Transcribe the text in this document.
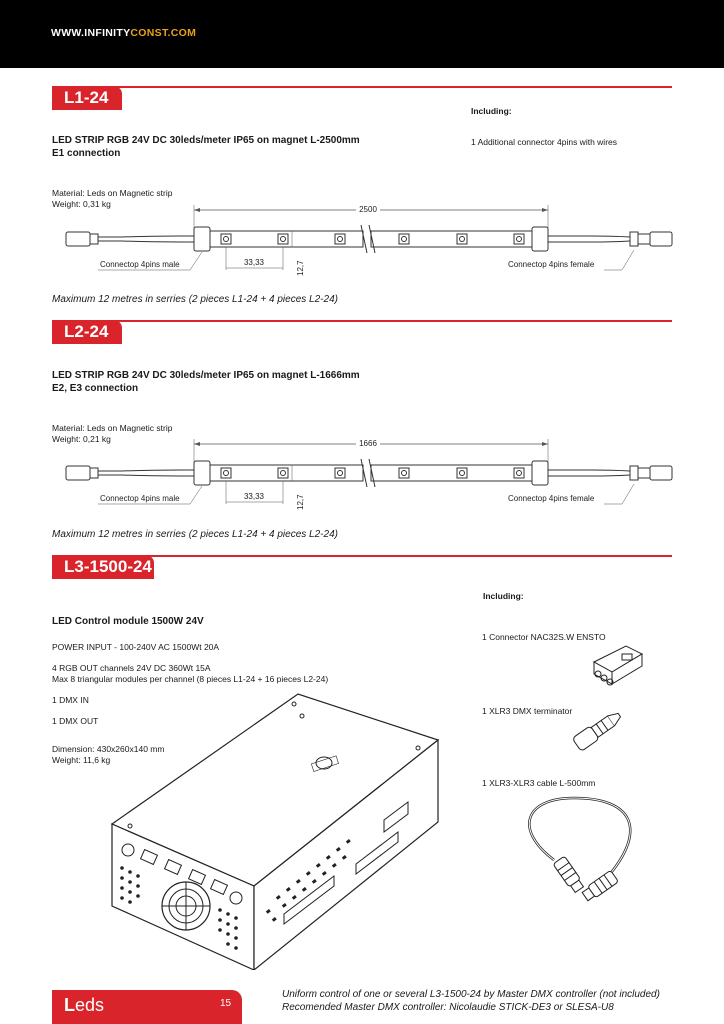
WWW.INFINITYCONST.COM
L1-24
Including:
1 Additional connector 4pins with wires
LED STRIP RGB 24V DC 30leds/meter IP65 on magnet L-2500mm
E1 connection
Material: Leds on Magnetic strip
Weight: 0,31 kg
2500
33,33	12,7
Connectop 4pins male	Connectop 4pins female
Maximum 12 metres in serries (2 pieces L1-24 + 4 pieces L2-24)
L2-24
LED STRIP RGB 24V DC 30leds/meter IP65 on magnet L-1666mm
E2, E3 connection
Material: Leds on Magnetic strip
Weight: 0,21 kg	1666
33,33	12,7
Connectop 4pins male	Connectop 4pins female
Maximum 12 metres in serries (2 pieces L1-24 + 4 pieces L2-24)
L3-1500-24
Including:
LED Control module 1500W 24V
POWER INPUT - 100-240V AC 1500Wt 20A
4 RGB OUT channels 24V DC 360Wt 15A
Max 8 triangular modules per channel (8 pieces L1-24 + 16 pieces L2-24)
1 DMX IN
1 DMX OUT
Dimension: 430x260x140 mm
Weight: 11,6 kg
1 Connector NAC32S.W ENSTO
1 XLR3 DMX terminator
1 XLR3-XLR3 cable L-500mm
Leds	15
Uniform control of one or several L3-1500-24 by Master DMX controller (not included)
Recomended Master DMX controller: Nicolaudie STICK-DE3 or SLESA-U8
